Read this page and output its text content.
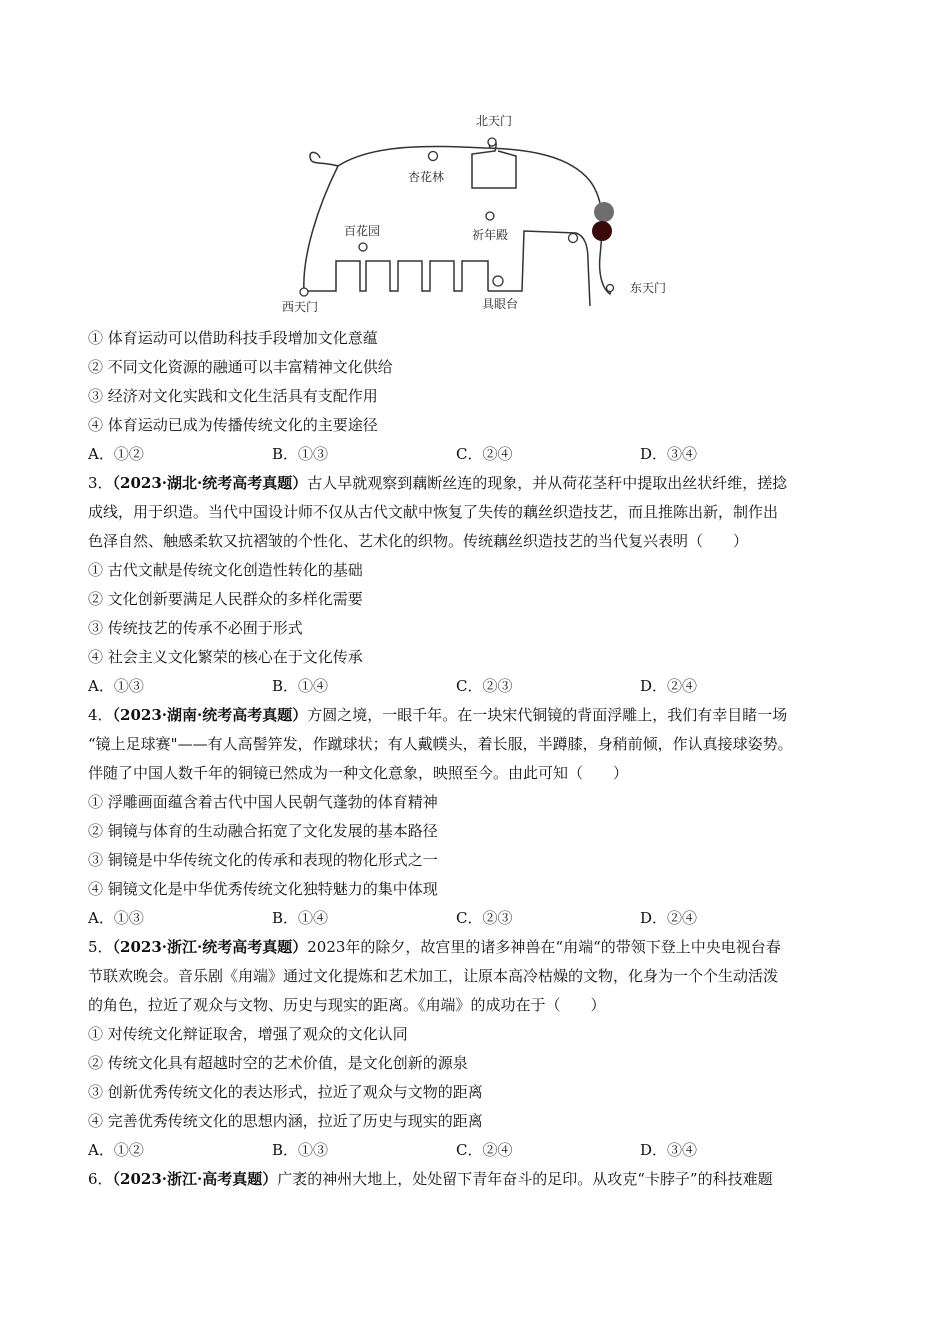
北天门
杏花林
百花园	祈年殿
西天门	具眼台
东天门
① 体育运动可以借助科技手段增加文化意蕴
② 不同文化资源的融通可以丰富精神文化供给
③ 经济对文化实践和文化生活具有支配作用
④ 体育运动已成为传播传统文化的主要途径
A．①②	B．①③	C．②④	D．③④
3．（2023·湖北·统考高考真题）古人早就观察到藕断丝连的现象，并从荷花茎秆中提取出丝状纤维，搓捻
成线，用于织造。当代中国设计师不仅从古代文献中恢复了失传的藕丝织造技艺，而且推陈出新，制作出
色泽自然、触感柔软又抗褶皱的个性化、艺术化的织物。传统藕丝织造技艺的当代复兴表明（　　）
① 古代文献是传统文化创造性转化的基础
② 文化创新要满足人民群众的多样化需要
③ 传统技艺的传承不必囿于形式
④ 社会主义文化繁荣的核心在于文化传承
A．①③	B．①④	C．②③	D．②④
4．（2023·湖南·统考高考真题）方圆之境，一眼千年。在一块宋代铜镜的背面浮雕上，我们有幸目睹一场
“镜上足球赛"——有人高髻笄发，作蹴球状；有人戴幞头，着长服，半蹲膝，身稍前倾，作认真接球姿势。
伴随了中国人数千年的铜镜已然成为一种文化意象，映照至今。由此可知（　　）
① 浮雕画面蕴含着古代中国人民朝气蓬勃的体育精神
② 铜镜与体育的生动融合拓宽了文化发展的基本路径
③ 铜镜是中华传统文化的传承和表现的物化形式之一
④ 铜镜文化是中华优秀传统文化独特魅力的集中体现
A．①③	B．①④	C．②③	D．②④
5．（2023·浙江·统考高考真题）2023年的除夕，故宫里的诸多神兽在“甪端“的带领下登上中央电视台春
节联欢晚会。音乐剧《甪端》通过文化提炼和艺术加工，让原本高冷枯燥的文物，化身为一个个生动活泼
的角色，拉近了观众与文物、历史与现实的距离。《甪端》的成功在于（　　）
① 对传统文化辩证取舍，增强了观众的文化认同
② 传统文化具有超越时空的艺术价值，是文化创新的源泉
③ 创新优秀传统文化的表达形式，拉近了观众与文物的距离
④ 完善优秀传统文化的思想内涵，拉近了历史与现实的距离
A．①②	B．①③	C．②④	D．③④
6．（2023·浙江·高考真题）广袤的神州大地上，处处留下青年奋斗的足印。从攻克“卡脖子”的科技难题
